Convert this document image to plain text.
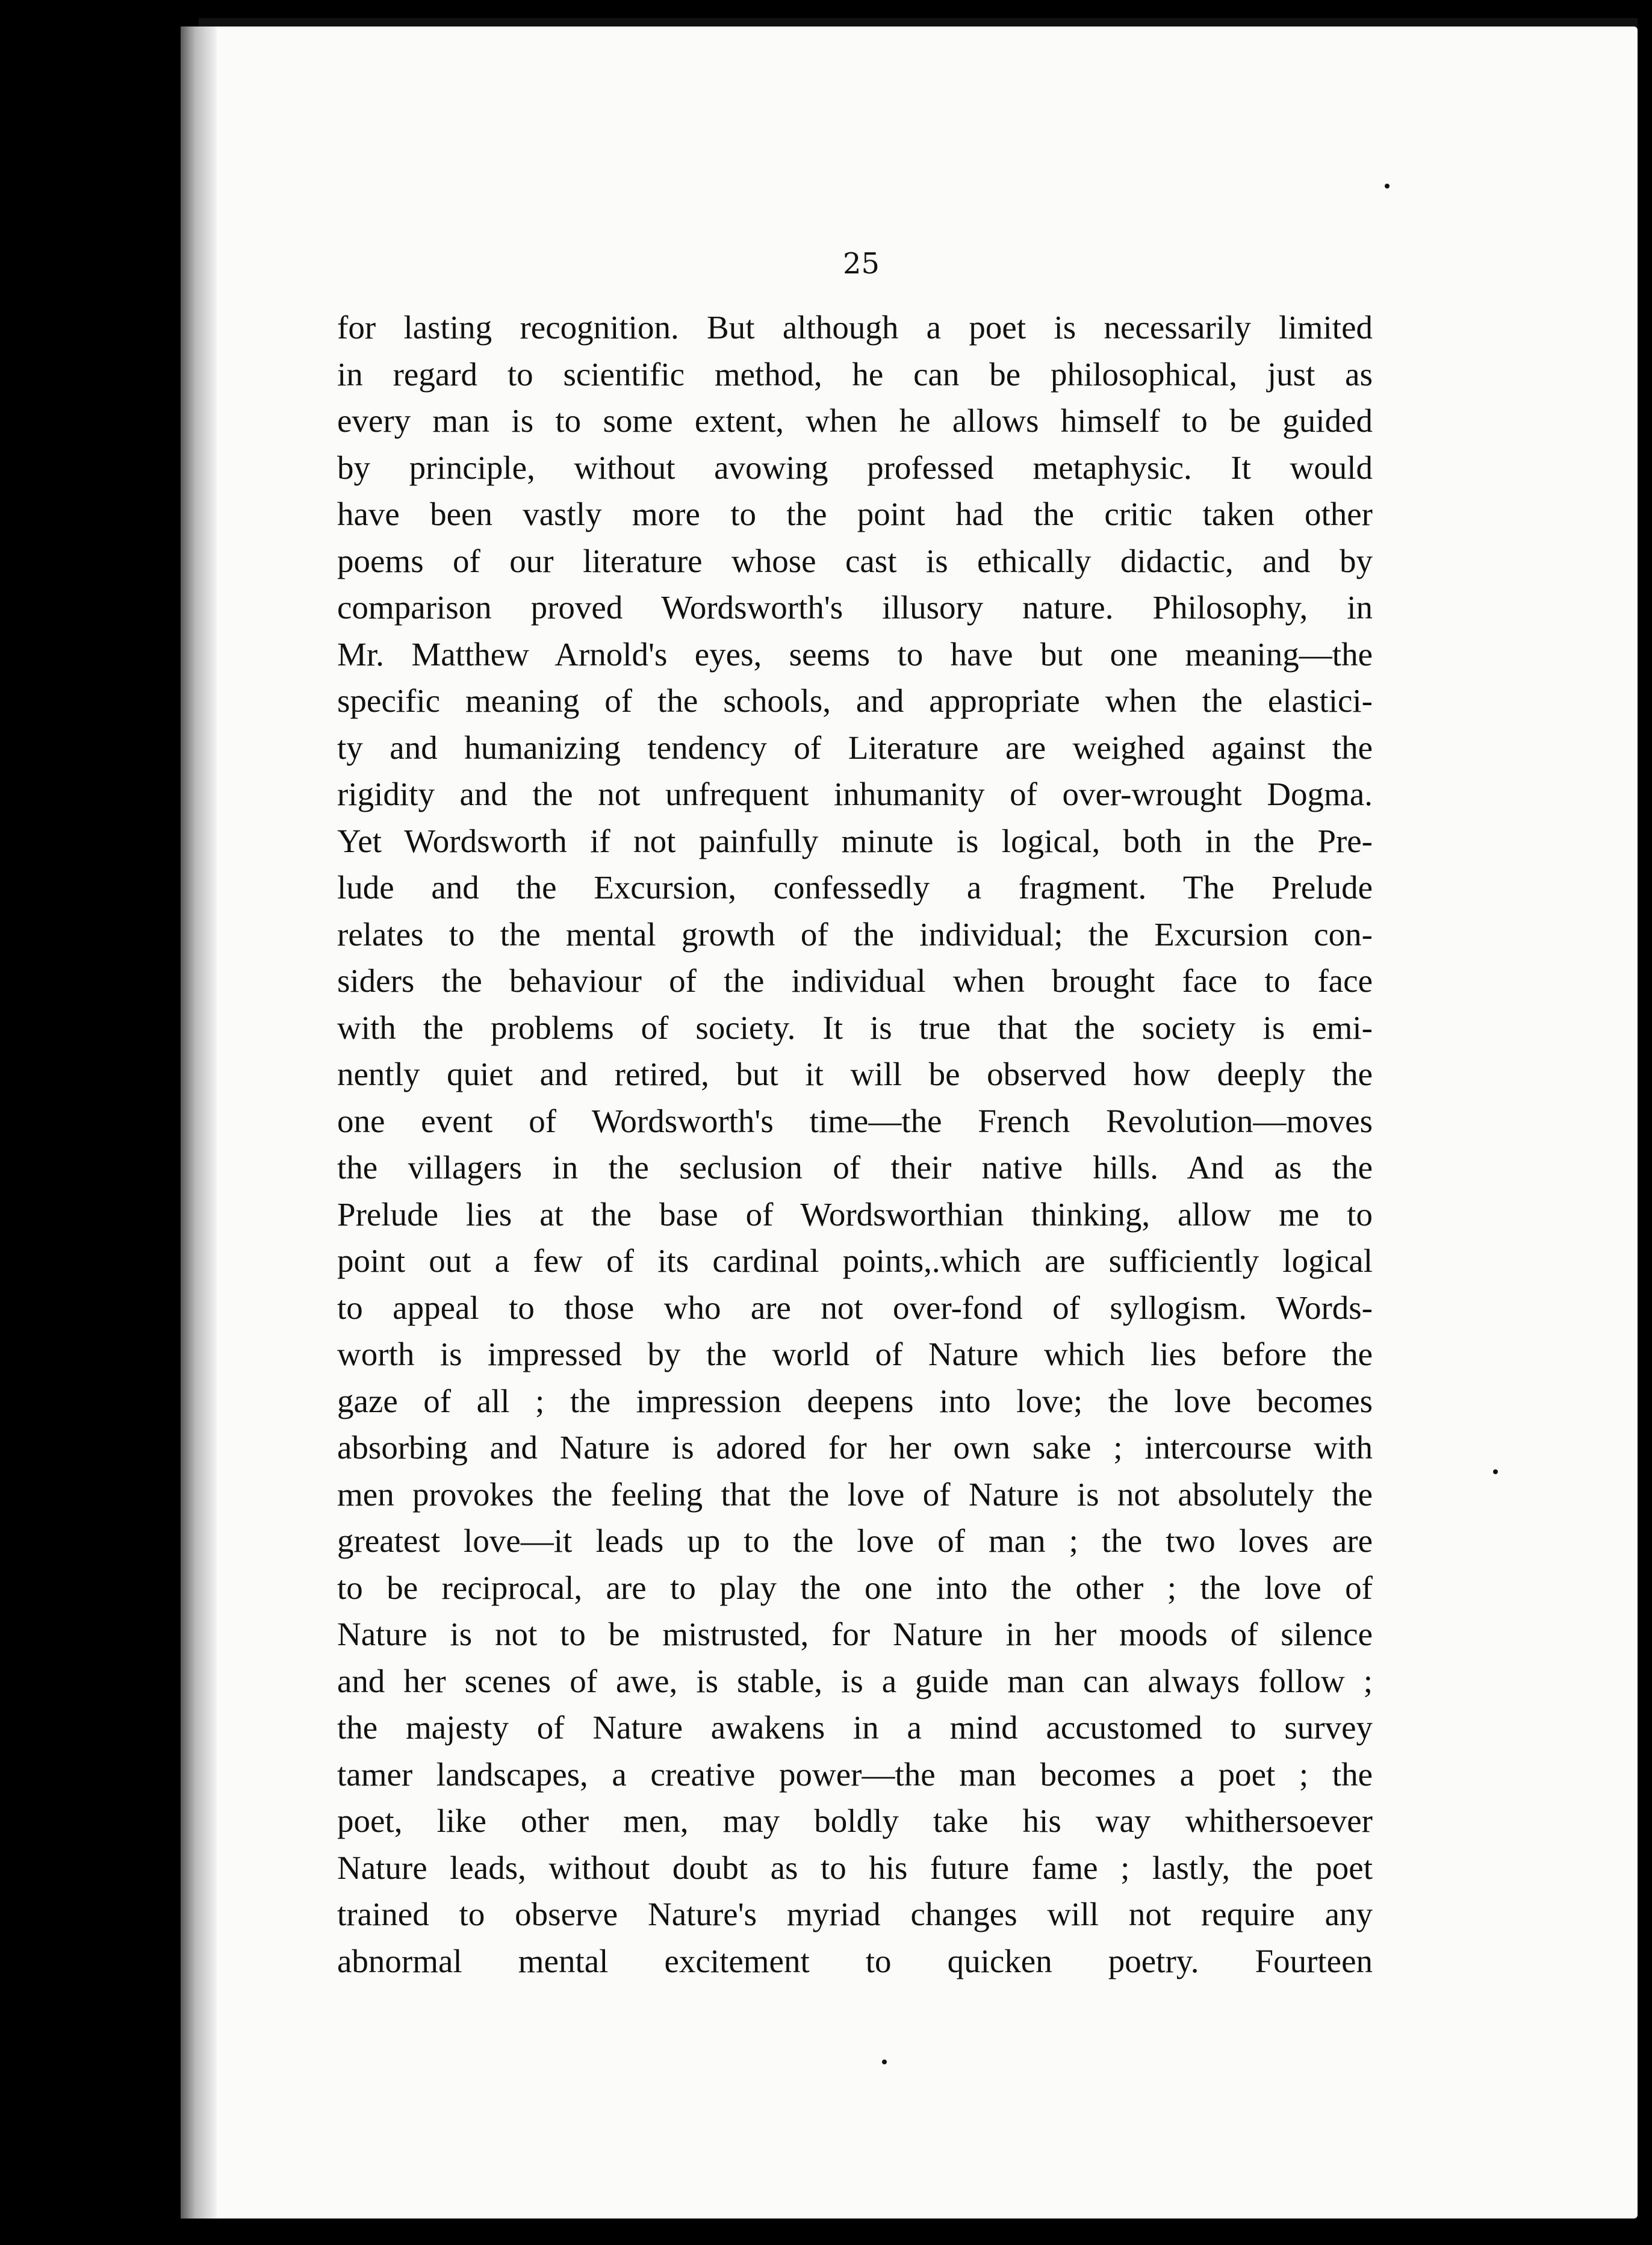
25
for lasting recognition. But although a poet is necessarily limited
in regard to scientific method, he can be philosophical, just as
every man is to some extent, when he allows himself to be guided
by principle, without avowing professed metaphysic. It would
have been vastly more to the point had the critic taken other
poems of our literature whose cast is ethically didactic, and by
comparison proved Wordsworth's illusory nature. Philosophy, in
Mr. Matthew Arnold's eyes, seems to have but one meaning—the
specific meaning of the schools, and appropriate when the elastici-
ty and humanizing tendency of Literature are weighed against the
rigidity and the not unfrequent inhumanity of over-wrought Dogma.
Yet Wordsworth if not painfully minute is logical, both in the Pre-
lude and the Excursion, confessedly a fragment. The Prelude
relates to the mental growth of the individual; the Excursion con-
siders the behaviour of the individual when brought face to face
with the problems of society. It is true that the society is emi-
nently quiet and retired, but it will be observed how deeply the
one event of Wordsworth's time—the French Revolution—moves
the villagers in the seclusion of their native hills. And as the
Prelude lies at the base of Wordsworthian thinking, allow me to
point out a few of its cardinal points,.which are sufficiently logical
to appeal to those who are not over-fond of syllogism. Words-
worth is impressed by the world of Nature which lies before the
gaze of all ; the impression deepens into love; the love becomes
absorbing and Nature is adored for her own sake ; intercourse with
men provokes the feeling that the love of Nature is not absolutely the
greatest love—it leads up to the love of man ; the two loves are
to be reciprocal, are to play the one into the other ; the love of
Nature is not to be mistrusted, for Nature in her moods of silence
and her scenes of awe, is stable, is a guide man can always follow ;
the majesty of Nature awakens in a mind accustomed to survey
tamer landscapes, a creative power—the man becomes a poet ; the
poet, like other men, may boldly take his way whithersoever
Nature leads, without doubt as to his future fame ; lastly, the poet
trained to observe Nature's myriad changes will not require any
abnormal mental excitement to quicken poetry. Fourteen
